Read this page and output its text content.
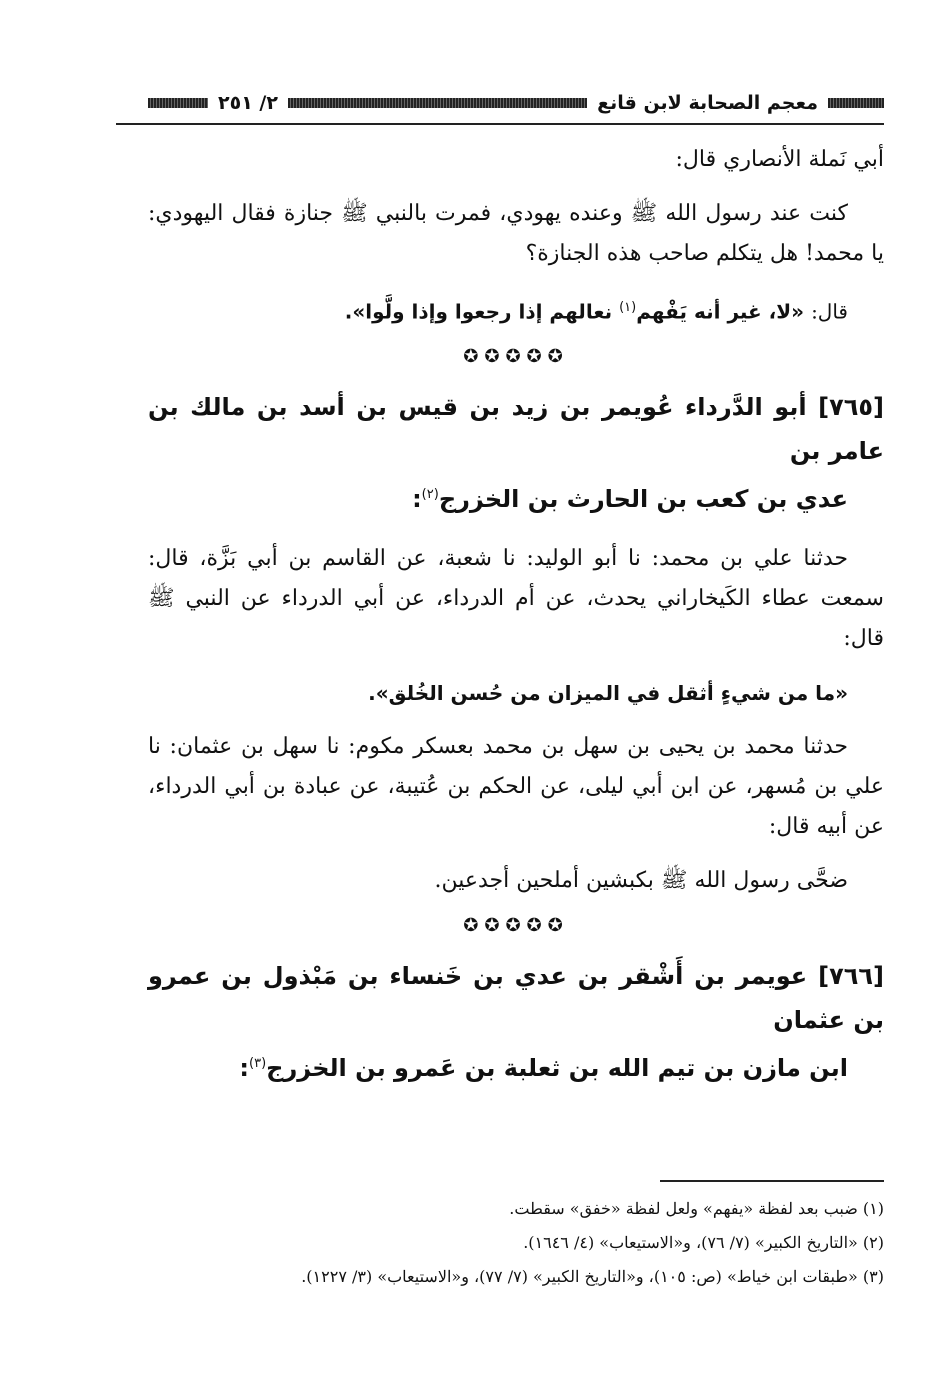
معجم الصحابة لابن قانع
٢/ ٢٥١

أبي نَملة الأنصاري قال:

كنت عند رسول الله ﷺ وعنده يهودي، فمرت بالنبي ﷺ جنازة فقال اليهودي: يا محمد! هل يتكلم صاحب هذه الجنازة؟

قال: «لا، غير أنه يَفْهم$^{(١)}$ نعالهم إذا رجعوا وإذا ولَّوا».

✪✪✪✪✪
[٧٦٥] أبو الدَّرداء عُويمر بن زيد بن قيس بن أسد بن مالك بن عامر بن
عدي بن كعب بن الحارث بن الخزرج$^{(٢)}$:

حدثنا علي بن محمد: نا أبو الوليد: نا شعبة، عن القاسم بن أبي بَزَّة، قال: سمعت عطاء الكَيخاراني يحدث، عن أم الدرداء، عن أبي الدرداء عن النبي ﷺ قال:

«ما من شيءٍ أثقل في الميزان من حُسن الخُلق».

حدثنا محمد بن يحيى بن سهل بن محمد بعسكر مكوم: نا سهل بن عثمان: نا علي بن مُسهر، عن ابن أبي ليلى، عن الحكم بن عُتيبة، عن عبادة بن أبي الدرداء، عن أبيه قال:

ضحَّى رسول الله ﷺ بكبشين أملحين أجدعين.

✪✪✪✪✪
[٧٦٦] عويمر بن أَشْقر بن عدي بن خَنساء بن مَبْذول بن عمرو بن عثمان
ابن مازن بن تيم الله بن ثعلبة بن عَمرو بن الخزرج$^{(٣)}$:

(١) ضبب بعد لفظة «يفهم» ولعل لفظة «خفق» سقطت.

(٢) «التاريخ الكبير» (٧/ ٧٦)، و«الاستيعاب» (٤/ ١٦٤٦).

(٣) «طبقات ابن خياط» (ص: ١٠٥)، و«التاريخ الكبير» (٧/ ٧٧)، و«الاستيعاب» (٣/ ١٢٢٧).
